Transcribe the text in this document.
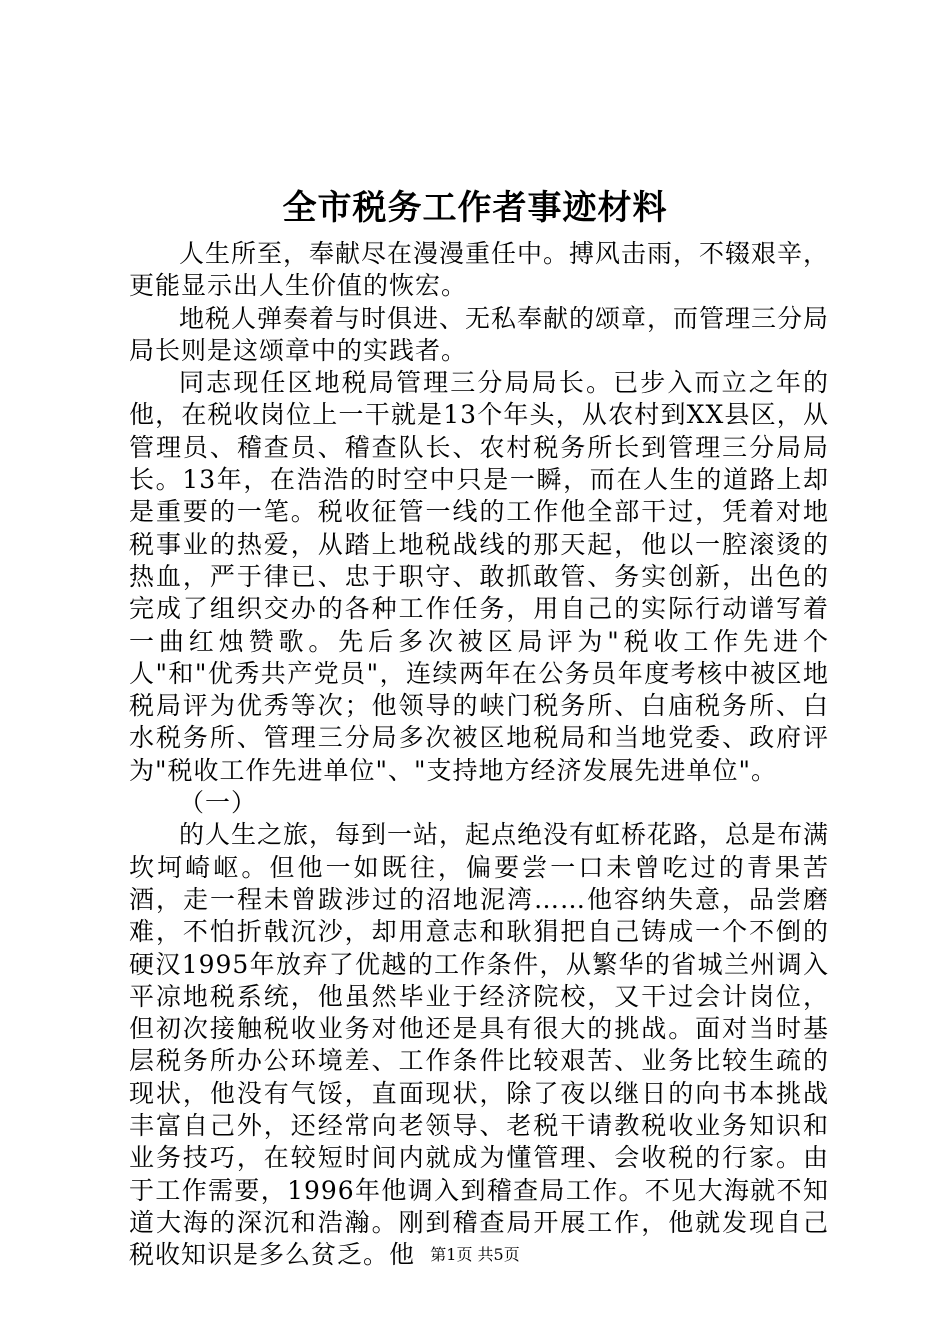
全市税务工作者事迹材料

人生所至，奉献尽在漫漫重任中。搏风击雨，不辍艰辛，更能显示出人生价值的恢宏。

地税人弹奏着与时俱进、无私奉献的颂章，而管理三分局局长则是这颂章中的实践者。

同志现任区地税局管理三分局局长。已步入而立之年的他，在税收岗位上一干就是13个年头，从农村到XX县区，从管理员、稽查员、稽查队长、农村税务所长到管理三分局局长。13年，在浩浩的时空中只是一瞬，而在人生的道路上却是重要的一笔。税收征管一线的工作他全部干过，凭着对地税事业的热爱，从踏上地税战线的那天起，他以一腔滚烫的热血，严于律已、忠于职守、敢抓敢管、务实创新，出色的完成了组织交办的各种工作任务，用自己的实际行动谱写着一曲红烛赞歌。先后多次被区局评为"税收工作先进个人"和"优秀共产党员"，连续两年在公务员年度考核中被区地税局评为优秀等次；他领导的峡门税务所、白庙税务所、白水税务所、管理三分局多次被区地税局和当地党委、政府评为"税收工作先进单位"、"支持地方经济发展先进单位"。

（一）

的人生之旅，每到一站，起点绝没有虹桥花路，总是布满坎坷崎岖。但他一如既往，偏要尝一口未曾吃过的青果苦酒，走一程未曾跋涉过的沼地泥湾……他容纳失意，品尝磨难，不怕折戟沉沙，却用意志和耿狷把自己铸成一个不倒的硬汉1995年放弃了优越的工作条件，从繁华的省城兰州调入平凉地税系统，他虽然毕业于经济院校，又干过会计岗位，但初次接触税收业务对他还是具有很大的挑战。面对当时基层税务所办公环境差、工作条件比较艰苦、业务比较生疏的现状，他没有气馁，直面现状，除了夜以继日的向书本挑战丰富自己外，还经常向老领导、老税干请教税收业务知识和业务技巧，在较短时间内就成为懂管理、会收税的行家。由于工作需要，1996年他调入到稽查局工作。不见大海就不知道大海的深沉和浩瀚。刚到稽查局开展工作，他就发现自己税收知识是多么贫乏。他 第1页 共5页
